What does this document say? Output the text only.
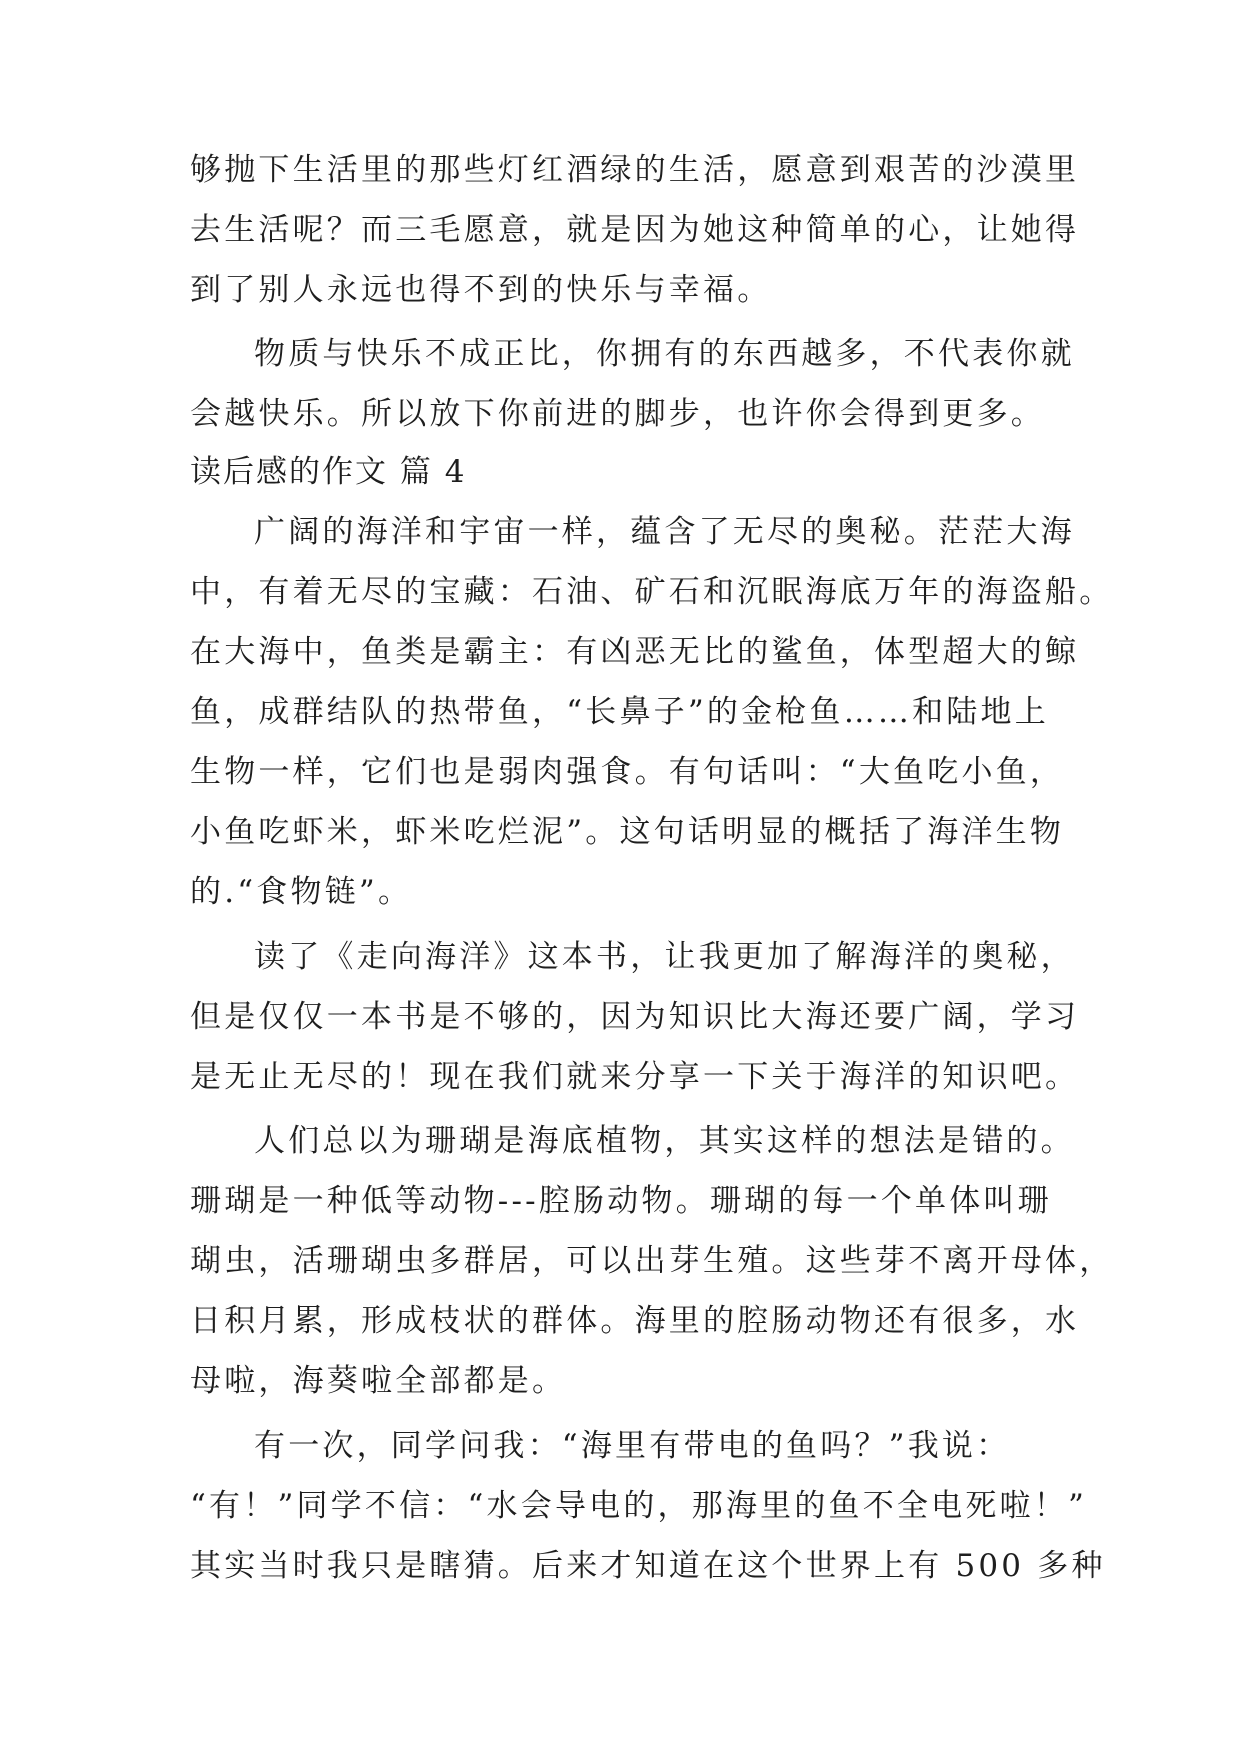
够抛下生活里的那些灯红酒绿的生活，愿意到艰苦的沙漠里
去生活呢？而三毛愿意，就是因为她这种简单的心，让她得
到了别人永远也得不到的快乐与幸福。
物质与快乐不成正比，你拥有的东西越多，不代表你就
会越快乐。所以放下你前进的脚步，也许你会得到更多。
读后感的作文 篇 4
广阔的海洋和宇宙一样，蕴含了无尽的奥秘。茫茫大海
中，有着无尽的宝藏：石油、矿石和沉眠海底万年的海盗船。
在大海中，鱼类是霸主：有凶恶无比的鲨鱼，体型超大的鲸
鱼，成群结队的热带鱼，“长鼻子”的金枪鱼……和陆地上
生物一样，它们也是弱肉强食。有句话叫：“大鱼吃小鱼，
小鱼吃虾米，虾米吃烂泥”。这句话明显的概括了海洋生物
的.“食物链”。
读了《走向海洋》这本书，让我更加了解海洋的奥秘，
但是仅仅一本书是不够的，因为知识比大海还要广阔，学习
是无止无尽的！现在我们就来分享一下关于海洋的知识吧。
人们总以为珊瑚是海底植物，其实这样的想法是错的。
珊瑚是一种低等动物---腔肠动物。珊瑚的每一个单体叫珊
瑚虫，活珊瑚虫多群居，可以出芽生殖。这些芽不离开母体，
日积月累，形成枝状的群体。海里的腔肠动物还有很多，水
母啦，海葵啦全部都是。
有一次，同学问我：“海里有带电的鱼吗？”我说：
“有！”同学不信：“水会导电的，那海里的鱼不全电死啦！”
其实当时我只是瞎猜。后来才知道在这个世界上有 500 多种
